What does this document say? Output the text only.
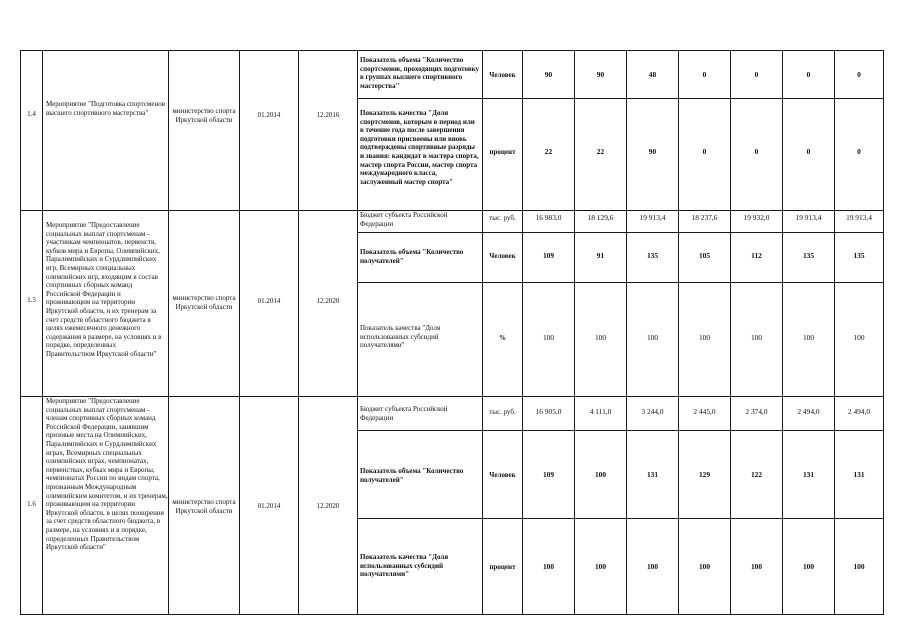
1.4
Мероприятие "Подготовка спортсменов высшего спортивного мастерства"	министерство спорта Иркутской области
01.2014	12.2016
Показатель объема "Количество спортсменов, проходящих подготовку в группах высшего спортивного мастерства"
Человек	90	90	48	0	0	0	0
Показатель качества "Доля спортсменов, которым в период или в течение года после завершения подготовки присвоены или вновь подтверждены спортивные разряды и звания: кандидат в мастера спорта, мастер спорта России, мастер спорта международного класса, заслуженный мастер спорта"
процент	22	22	90	0	0	0	0
1.5
Мероприятие "Предоставление социальных выплат спортсменам - участникам чемпионатов, первенств, кубков мира и Европы, Олимпийских, Паралимпийских и Сурдлимпийских игр, Всемирных специальных олимпийских игр, входящим в состав спортивных сборных команд Российской Федерации и проживающим на территории Иркутской области, и их тренерам за счет средств областного бюджета в целях ежемесячного денежного содержания в размере, на условиях и в порядке, определенных Правительством Иркутской области"
министерство спорта Иркутской области
01.2014	12.2020
Бюджет субъекта Российской Федерации
тыс. руб.	16 983,0	18 129,6	19 913,4	18 237,6	19 932,0	19 913,4	19 913,4
Показатель объема "Количество получателей"
Человек	109	91	135	105	112	135	135
Показатель качества "Доля использованных субсидий получателями"
%	100	100	100	100	100	100	100
1.6
Мероприятие "Предоставление социальных выплат спортсменам - членам спортивных сборных команд Российской Федерации, занявшим призовые места на Олимпийских, Паралимпийских и Сурдлимпийских играх, Всемирных специальных олимпийских играх, чемпионатах, первенствах, кубках мира и Европы, чемпионатах России по видам спорта, признанным Международным олимпийским комитетом, и их тренерам, проживающим на территории Иркутской области, в целях поощрения за счет средств областного бюджета, в размере, на условиях и в порядке, определенных Правительством Иркутской области"
министерство спорта Иркутской области
01.2014	12.2020
Бюджет субъекта Российской Федерации
тыс. руб.	16 905,0	4 111,0	3 244,0	2 445,0	2 374,0	2 494,0	2 494,0
Показатель объема "Количество получателей"
Человек	109	100	131	129	122	131	131
Показатель качества "Доля использованных субсидий получателями"
процент	100	100	100	100	100	100	100
